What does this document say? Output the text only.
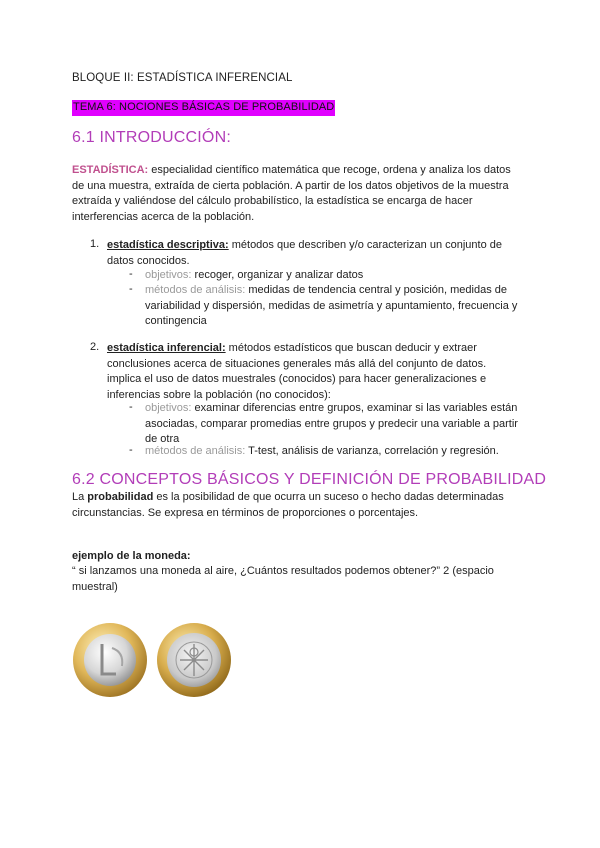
BLOQUE II: ESTADÍSTICA INFERENCIAL
TEMA 6: NOCIONES BÁSICAS DE PROBABILIDAD
6.1 INTRODUCCIÓN:
ESTADÍSTICA: especialidad científico matemática que recoge, ordena y analiza los datos de una muestra, extraída de cierta población. A partir de los datos objetivos de la muestra extraída y valiéndose del cálculo probabilístico, la estadística se encarga de hacer interferencias acerca de la población.
1. estadística descriptiva: métodos que describen y/o caracterizan un conjunto de datos conocidos.
- objetivos: recoger, organizar y analizar datos
- métodos de análisis: medidas de tendencia central y posición, medidas de variabilidad y dispersión, medidas de asimetría y apuntamiento, frecuencia y contingencia
2. estadística inferencial: métodos estadísticos que buscan deducir y extraer conclusiones acerca de situaciones generales más allá del conjunto de datos. implica el uso de datos muestrales (conocidos) para hacer generalizaciones e inferencias sobre la población (no conocidos):
- objetivos: examinar diferencias entre grupos, examinar si las variables están asociadas, comparar promedias entre grupos y predecir una variable a partir de otra
- métodos de análisis: T-test, análisis de varianza, correlación y regresión.
6.2 CONCEPTOS BÁSICOS Y DEFINICIÓN DE PROBABILIDAD
La probabilidad es la posibilidad de que ocurra un suceso o hecho dadas determinadas circunstancias. Se expresa en términos de proporciones o porcentajes.
ejemplo de la moneda:
“ si lanzamos una moneda al aire, ¿Cuántos resultados podemos obtener?” 2 (espacio muestral)
